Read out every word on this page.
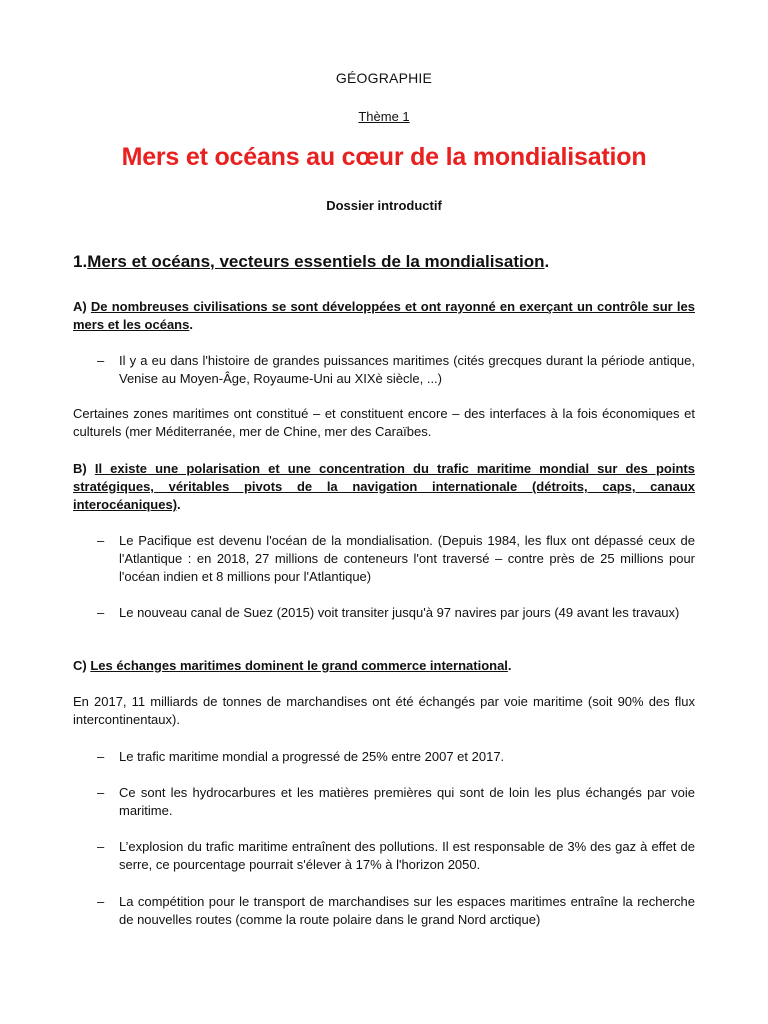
GÉOGRAPHIE
Thème 1
Mers et océans au cœur de la mondialisation
Dossier introductif
1.Mers et océans, vecteurs essentiels de la mondialisation.
A) De nombreuses civilisations se sont développées et ont rayonné en exerçant un contrôle sur les mers et les océans.
–	Il y a eu dans l'histoire de grandes puissances maritimes (cités grecques durant la période antique, Venise au Moyen-Âge, Royaume-Uni au XIXè siècle, ...)
Certaines zones maritimes ont constitué – et constituent encore – des interfaces à la fois économiques et culturels (mer Méditerranée, mer de Chine, mer des Caraïbes.
B) Il existe une polarisation et une concentration du trafic maritime mondial sur des points stratégiques, véritables pivots de la navigation internationale (détroits, caps, canaux interocéaniques).
–	Le Pacifique est devenu l'océan de la mondialisation. (Depuis 1984, les flux ont dépassé ceux de l'Atlantique : en 2018, 27 millions de conteneurs l'ont traversé – contre près de 25 millions pour l'océan indien et 8 millions pour l'Atlantique)
–	Le nouveau canal de Suez (2015) voit transiter jusqu'à 97 navires par jours (49 avant les travaux)
C) Les échanges maritimes dominent le grand commerce international.
En 2017, 11 milliards de tonnes de marchandises ont été échangés par voie maritime (soit 90% des flux intercontinentaux).
–	Le trafic maritime mondial a progressé de 25% entre 2007 et 2017.
–	Ce sont les hydrocarbures et les matières premières qui sont de loin les plus échangés par voie maritime.
–	L’explosion du trafic maritime entraînent des pollutions. Il est responsable de 3% des gaz à effet de serre, ce pourcentage pourrait s'élever à 17% à l'horizon 2050.
–	La compétition pour le transport de marchandises sur les espaces maritimes entraîne la recherche de nouvelles routes (comme la route polaire dans le grand Nord arctique)
